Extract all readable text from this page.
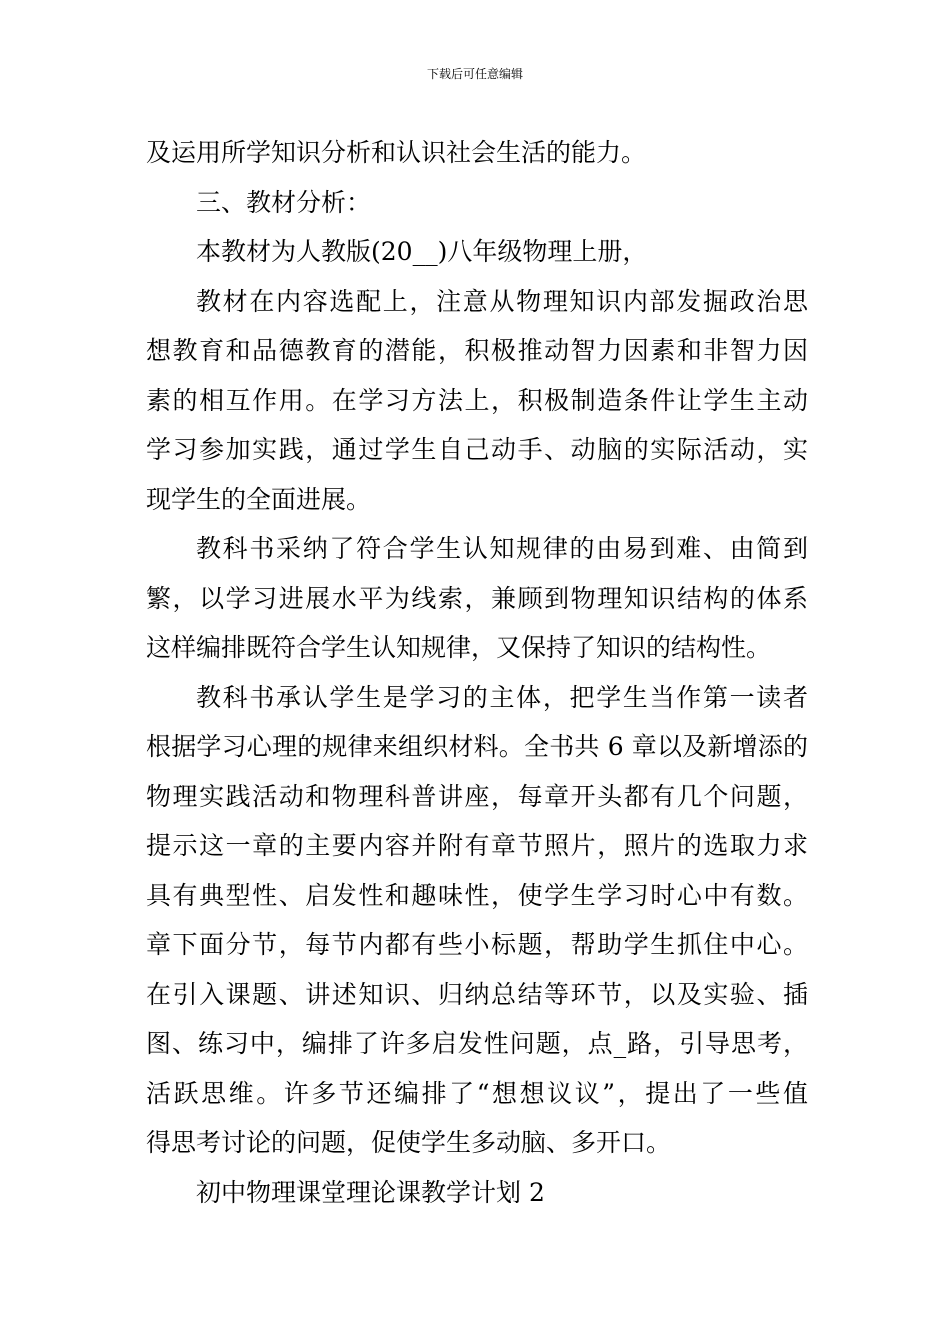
下载后可任意编辑
及运用所学知识分析和认识社会生活的能力。
三、教材分析：
本教材为人教版(20__)八年级物理上册，
教材在内容选配上，注意从物理知识内部发掘政治思
想教育和品德教育的潜能，积极推动智力因素和非智力因
素的相互作用。在学习方法上，积极制造条件让学生主动
学习参加实践，通过学生自己动手、动脑的实际活动，实
现学生的全面进展。
教科书采纳了符合学生认知规律的由易到难、由简到
繁，以学习进展水平为线索，兼顾到物理知识结构的体系
这样编排既符合学生认知规律，又保持了知识的结构性。
教科书承认学生是学习的主体，把学生当作第一读者
根据学习心理的规律来组织材料。全书共 6 章以及新增添的
物理实践活动和物理科普讲座，每章开头都有几个问题，
提示这一章的主要内容并附有章节照片，照片的选取力求
具有典型性、启发性和趣味性，使学生学习时心中有数。
章下面分节，每节内都有些小标题，帮助学生抓住中心。
在引入课题、讲述知识、归纳总结等环节，以及实验、插
图、练习中，编排了许多启发性问题，点_路，引导思考，
活跃思维。许多节还编排了“想想议议”，提出了一些值
得思考讨论的问题，促使学生多动脑、多开口。
初中物理课堂理论课教学计划 2
